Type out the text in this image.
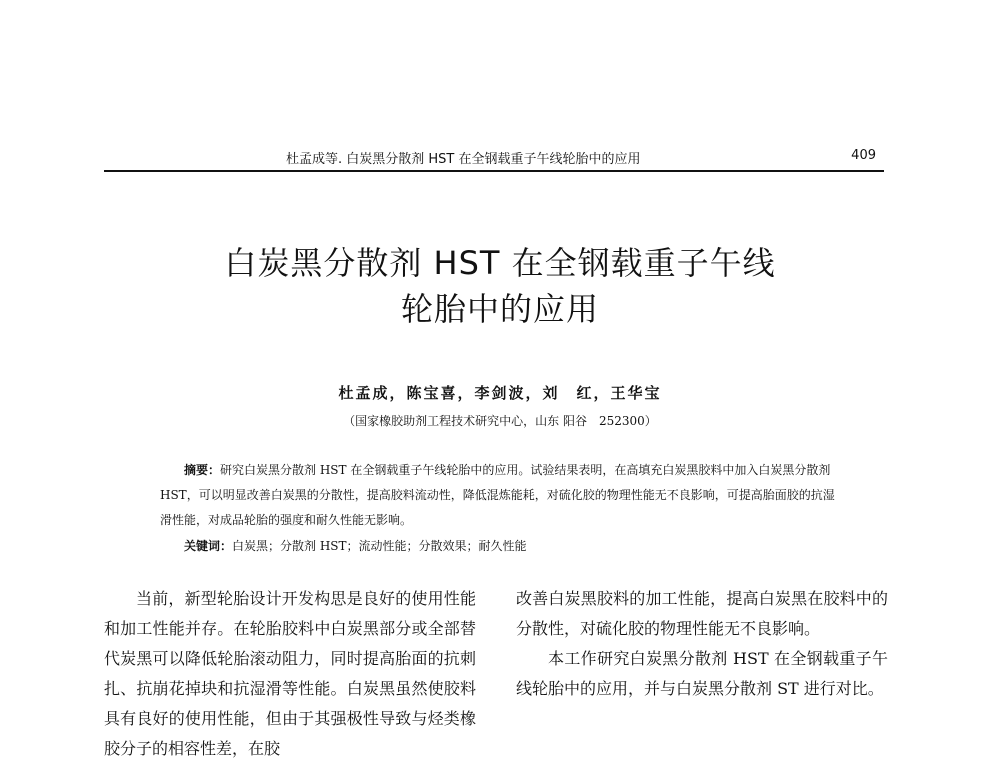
杜孟成等. 白炭黑分散剂 HST 在全钢载重子午线轮胎中的应用	409
白炭黑分散剂 HST 在全钢载重子午线
轮胎中的应用
杜孟成，陈宝喜，李剑波，刘　红，王华宝
（国家橡胶助剂工程技术研究中心，山东 阳谷　252300）
摘要：研究白炭黑分散剂 HST 在全钢载重子午线轮胎中的应用。试验结果表明，在高填充白炭黑胶料中加入白炭黑分散剂 HST，可以明显改善白炭黑的分散性，提高胶料流动性，降低混炼能耗，对硫化胶的物理性能无不良影响，可提高胎面胶的抗湿滑性能，对成品轮胎的强度和耐久性能无影响。
关键词：白炭黑；分散剂 HST；流动性能；分散效果；耐久性能

当前，新型轮胎设计开发构思是良好的使用性能和加工性能并存。在轮胎胶料中白炭黑部分或全部替代炭黑可以降低轮胎滚动阻力，同时提高胎面的抗刺扎、抗崩花掉块和抗湿滑等性能。白炭黑虽然使胶料具有良好的使用性能，但由于其强极性导致与烃类橡胶分子的相容性差，在胶

改善白炭黑胶料的加工性能，提高白炭黑在胶料中的分散性，对硫化胶的物理性能无不良影响。

本工作研究白炭黑分散剂 HST 在全钢载重子午线轮胎中的应用，并与白炭黑分散剂 ST 进行对比。
